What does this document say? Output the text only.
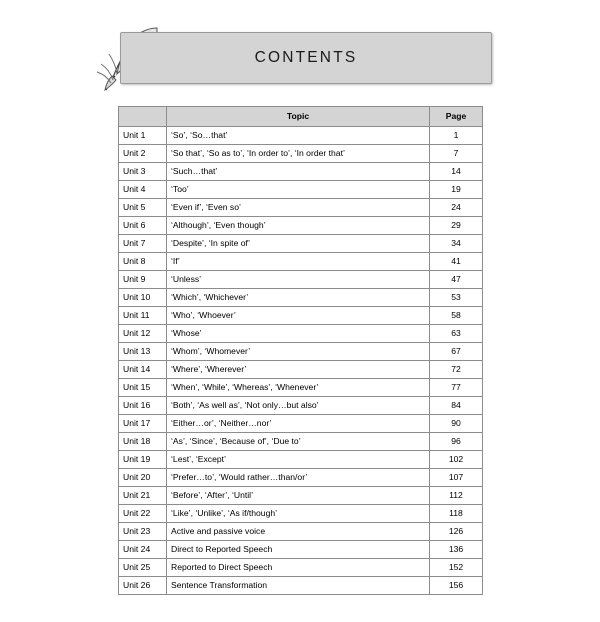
CONTENTS
	Topic	Page
Unit 1	‘So’, ‘So…that’	1
Unit 2	‘So that’, ‘So as to’, ‘In order to’, ‘In order that’	7
Unit 3	‘Such…that’	14
Unit 4	‘Too’	19
Unit 5	‘Even if’, ‘Even so’	24
Unit 6	‘Although’, ‘Even though’	29
Unit 7	‘Despite’, ‘In spite of’	34
Unit 8	‘If’	41
Unit 9	‘Unless’	47
Unit 10	‘Which’, ‘Whichever’	53
Unit 11	‘Who’, ‘Whoever’	58
Unit 12	‘Whose’	63
Unit 13	‘Whom’, ‘Whomever’	67
Unit 14	‘Where’, ‘Wherever’	72
Unit 15	‘When’, ‘While’, ‘Whereas’, ‘Whenever’	77
Unit 16	‘Both’, ‘As well as’, ‘Not only…but also’	84
Unit 17	‘Either…or’, ‘Neither…nor’	90
Unit 18	‘As’, ‘Since’, ‘Because of’, ‘Due to’	96
Unit 19	‘Lest’, ‘Except’	102
Unit 20	‘Prefer…to’, ‘Would rather…than/or’	107
Unit 21	‘Before’, ‘After’, ‘Until’	112
Unit 22	‘Like’, ‘Unlike’, ‘As if/though’	118
Unit 23	Active and passive voice	126
Unit 24	Direct to Reported Speech	136
Unit 25	Reported to Direct Speech	152
Unit 26	Sentence Transformation	156
